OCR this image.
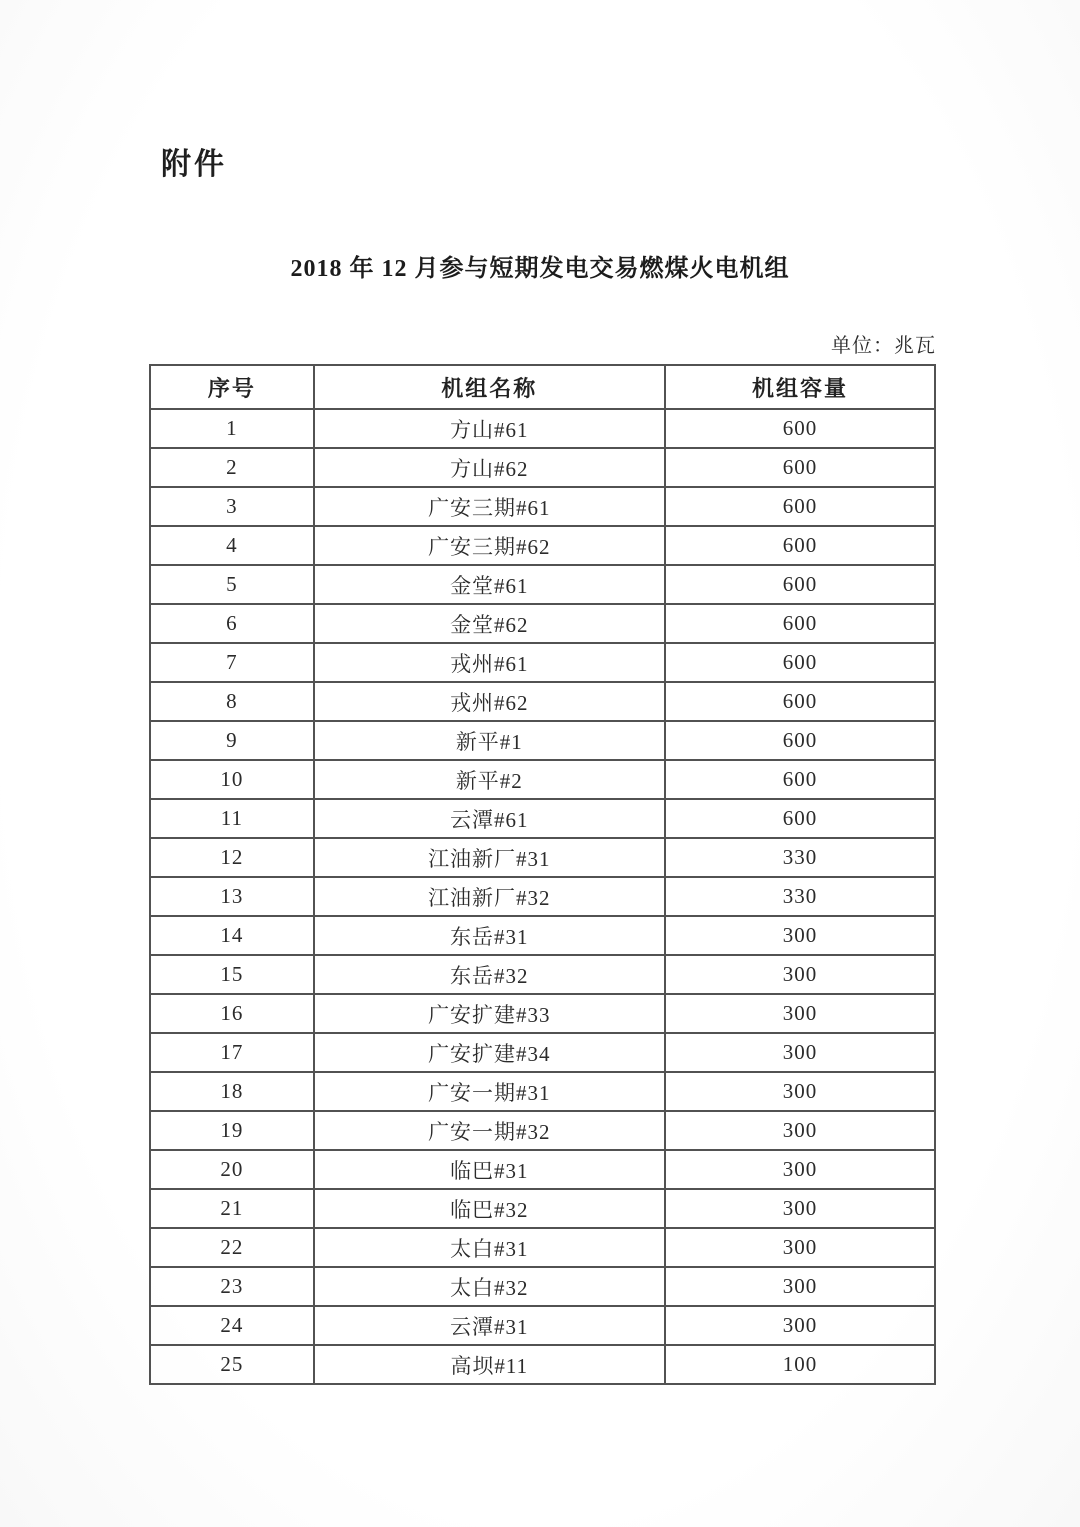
附件
2018 年 12 月参与短期发电交易燃煤火电机组
单位：兆瓦
序号	机组名称	机组容量
1	方山#61	600
2	方山#62	600
3	广安三期#61	600
4	广安三期#62	600
5	金堂#61	600
6	金堂#62	600
7	戎州#61	600
8	戎州#62	600
9	新平#1	600
10	新平#2	600
11	云潭#61	600
12	江油新厂#31	330
13	江油新厂#32	330
14	东岳#31	300
15	东岳#32	300
16	广安扩建#33	300
17	广安扩建#34	300
18	广安一期#31	300
19	广安一期#32	300
20	临巴#31	300
21	临巴#32	300
22	太白#31	300
23	太白#32	300
24	云潭#31	300
25	高坝#11	100
